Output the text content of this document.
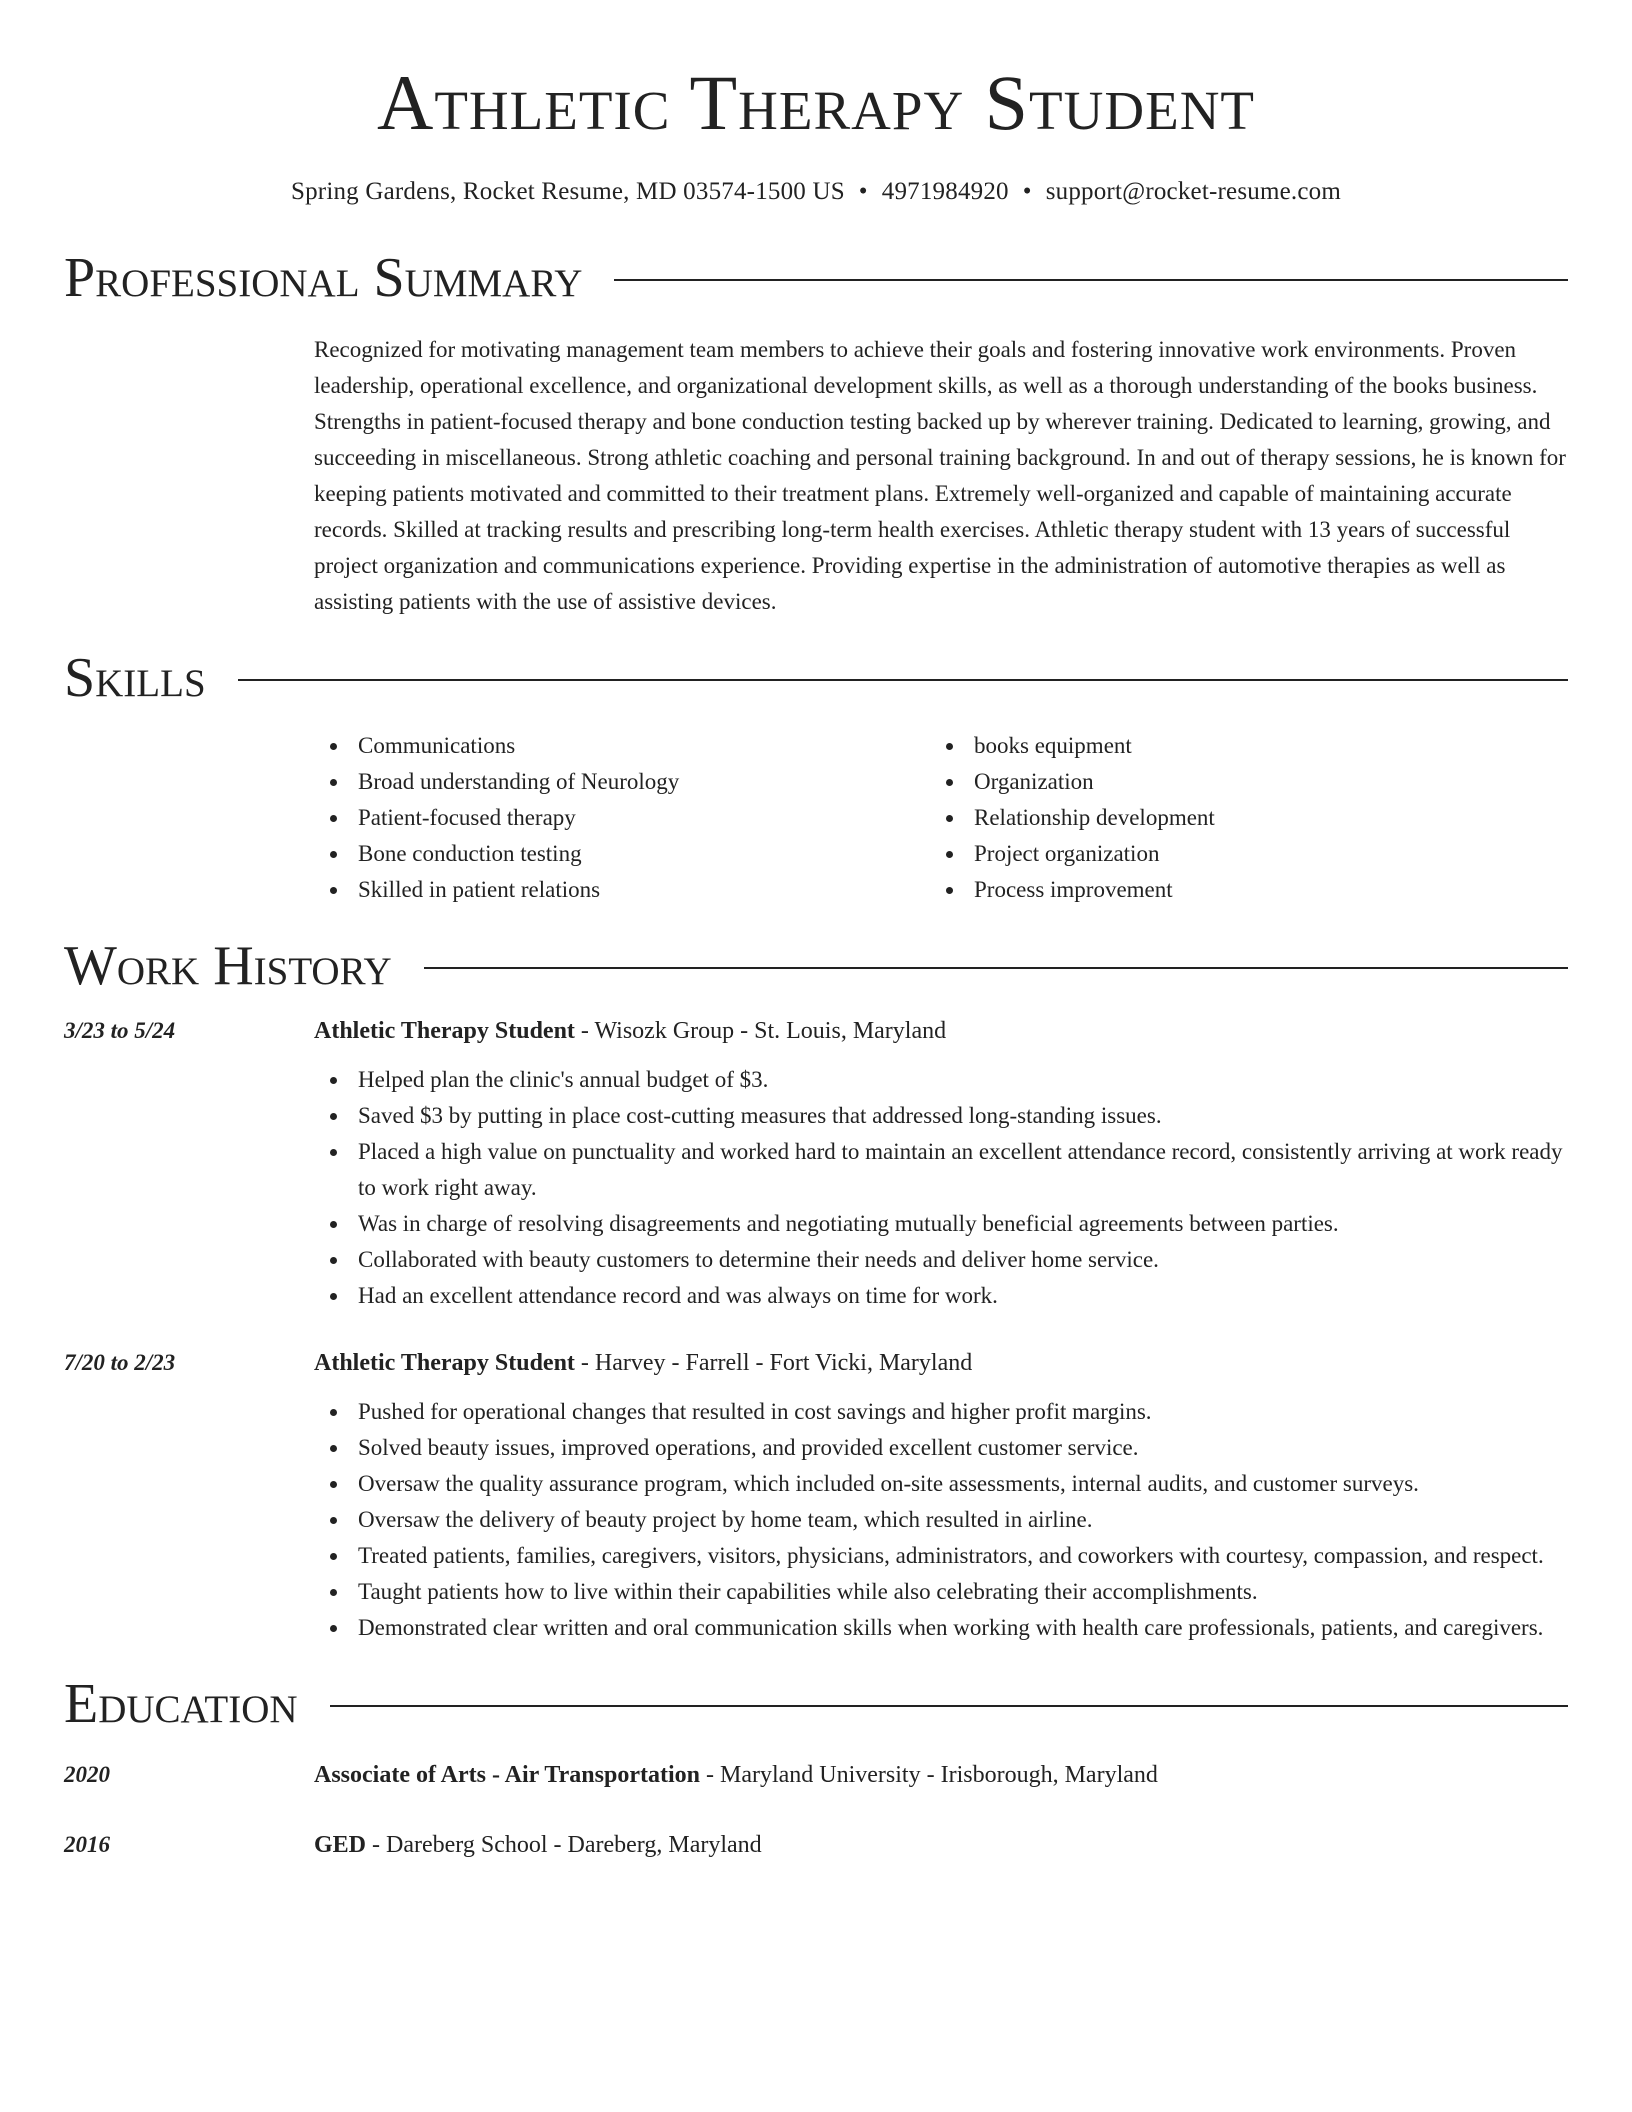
Athletic Therapy Student
Spring Gardens, Rocket Resume, MD 03574-1500 US • 4971984920 • support@rocket-resume.com
Professional Summary
Recognized for motivating management team members to achieve their goals and fostering innovative work environments. Proven leadership, operational excellence, and organizational development skills, as well as a thorough understanding of the books business. Strengths in patient-focused therapy and bone conduction testing backed up by wherever training. Dedicated to learning, growing, and succeeding in miscellaneous. Strong athletic coaching and personal training background. In and out of therapy sessions, he is known for keeping patients motivated and committed to their treatment plans. Extremely well-organized and capable of maintaining accurate records. Skilled at tracking results and prescribing long-term health exercises. Athletic therapy student with 13 years of successful project organization and communications experience. Providing expertise in the administration of automotive therapies as well as assisting patients with the use of assistive devices.
Skills
Communications
Broad understanding of Neurology
Patient-focused therapy
Bone conduction testing
Skilled in patient relations
books equipment
Organization
Relationship development
Project organization
Process improvement
Work History
3/23 to 5/24	Athletic Therapy Student - Wisozk Group - St. Louis, Maryland
Helped plan the clinic's annual budget of $3.
Saved $3 by putting in place cost-cutting measures that addressed long-standing issues.
Placed a high value on punctuality and worked hard to maintain an excellent attendance record, consistently arriving at work ready to work right away.
Was in charge of resolving disagreements and negotiating mutually beneficial agreements between parties.
Collaborated with beauty customers to determine their needs and deliver home service.
Had an excellent attendance record and was always on time for work.
7/20 to 2/23	Athletic Therapy Student - Harvey - Farrell - Fort Vicki, Maryland
Pushed for operational changes that resulted in cost savings and higher profit margins.
Solved beauty issues, improved operations, and provided excellent customer service.
Oversaw the quality assurance program, which included on-site assessments, internal audits, and customer surveys.
Oversaw the delivery of beauty project by home team, which resulted in airline.
Treated patients, families, caregivers, visitors, physicians, administrators, and coworkers with courtesy, compassion, and respect.
Taught patients how to live within their capabilities while also celebrating their accomplishments.
Demonstrated clear written and oral communication skills when working with health care professionals, patients, and caregivers.
Education
2020	Associate of Arts - Air Transportation - Maryland University - Irisborough, Maryland
2016	GED - Dareberg School - Dareberg, Maryland
